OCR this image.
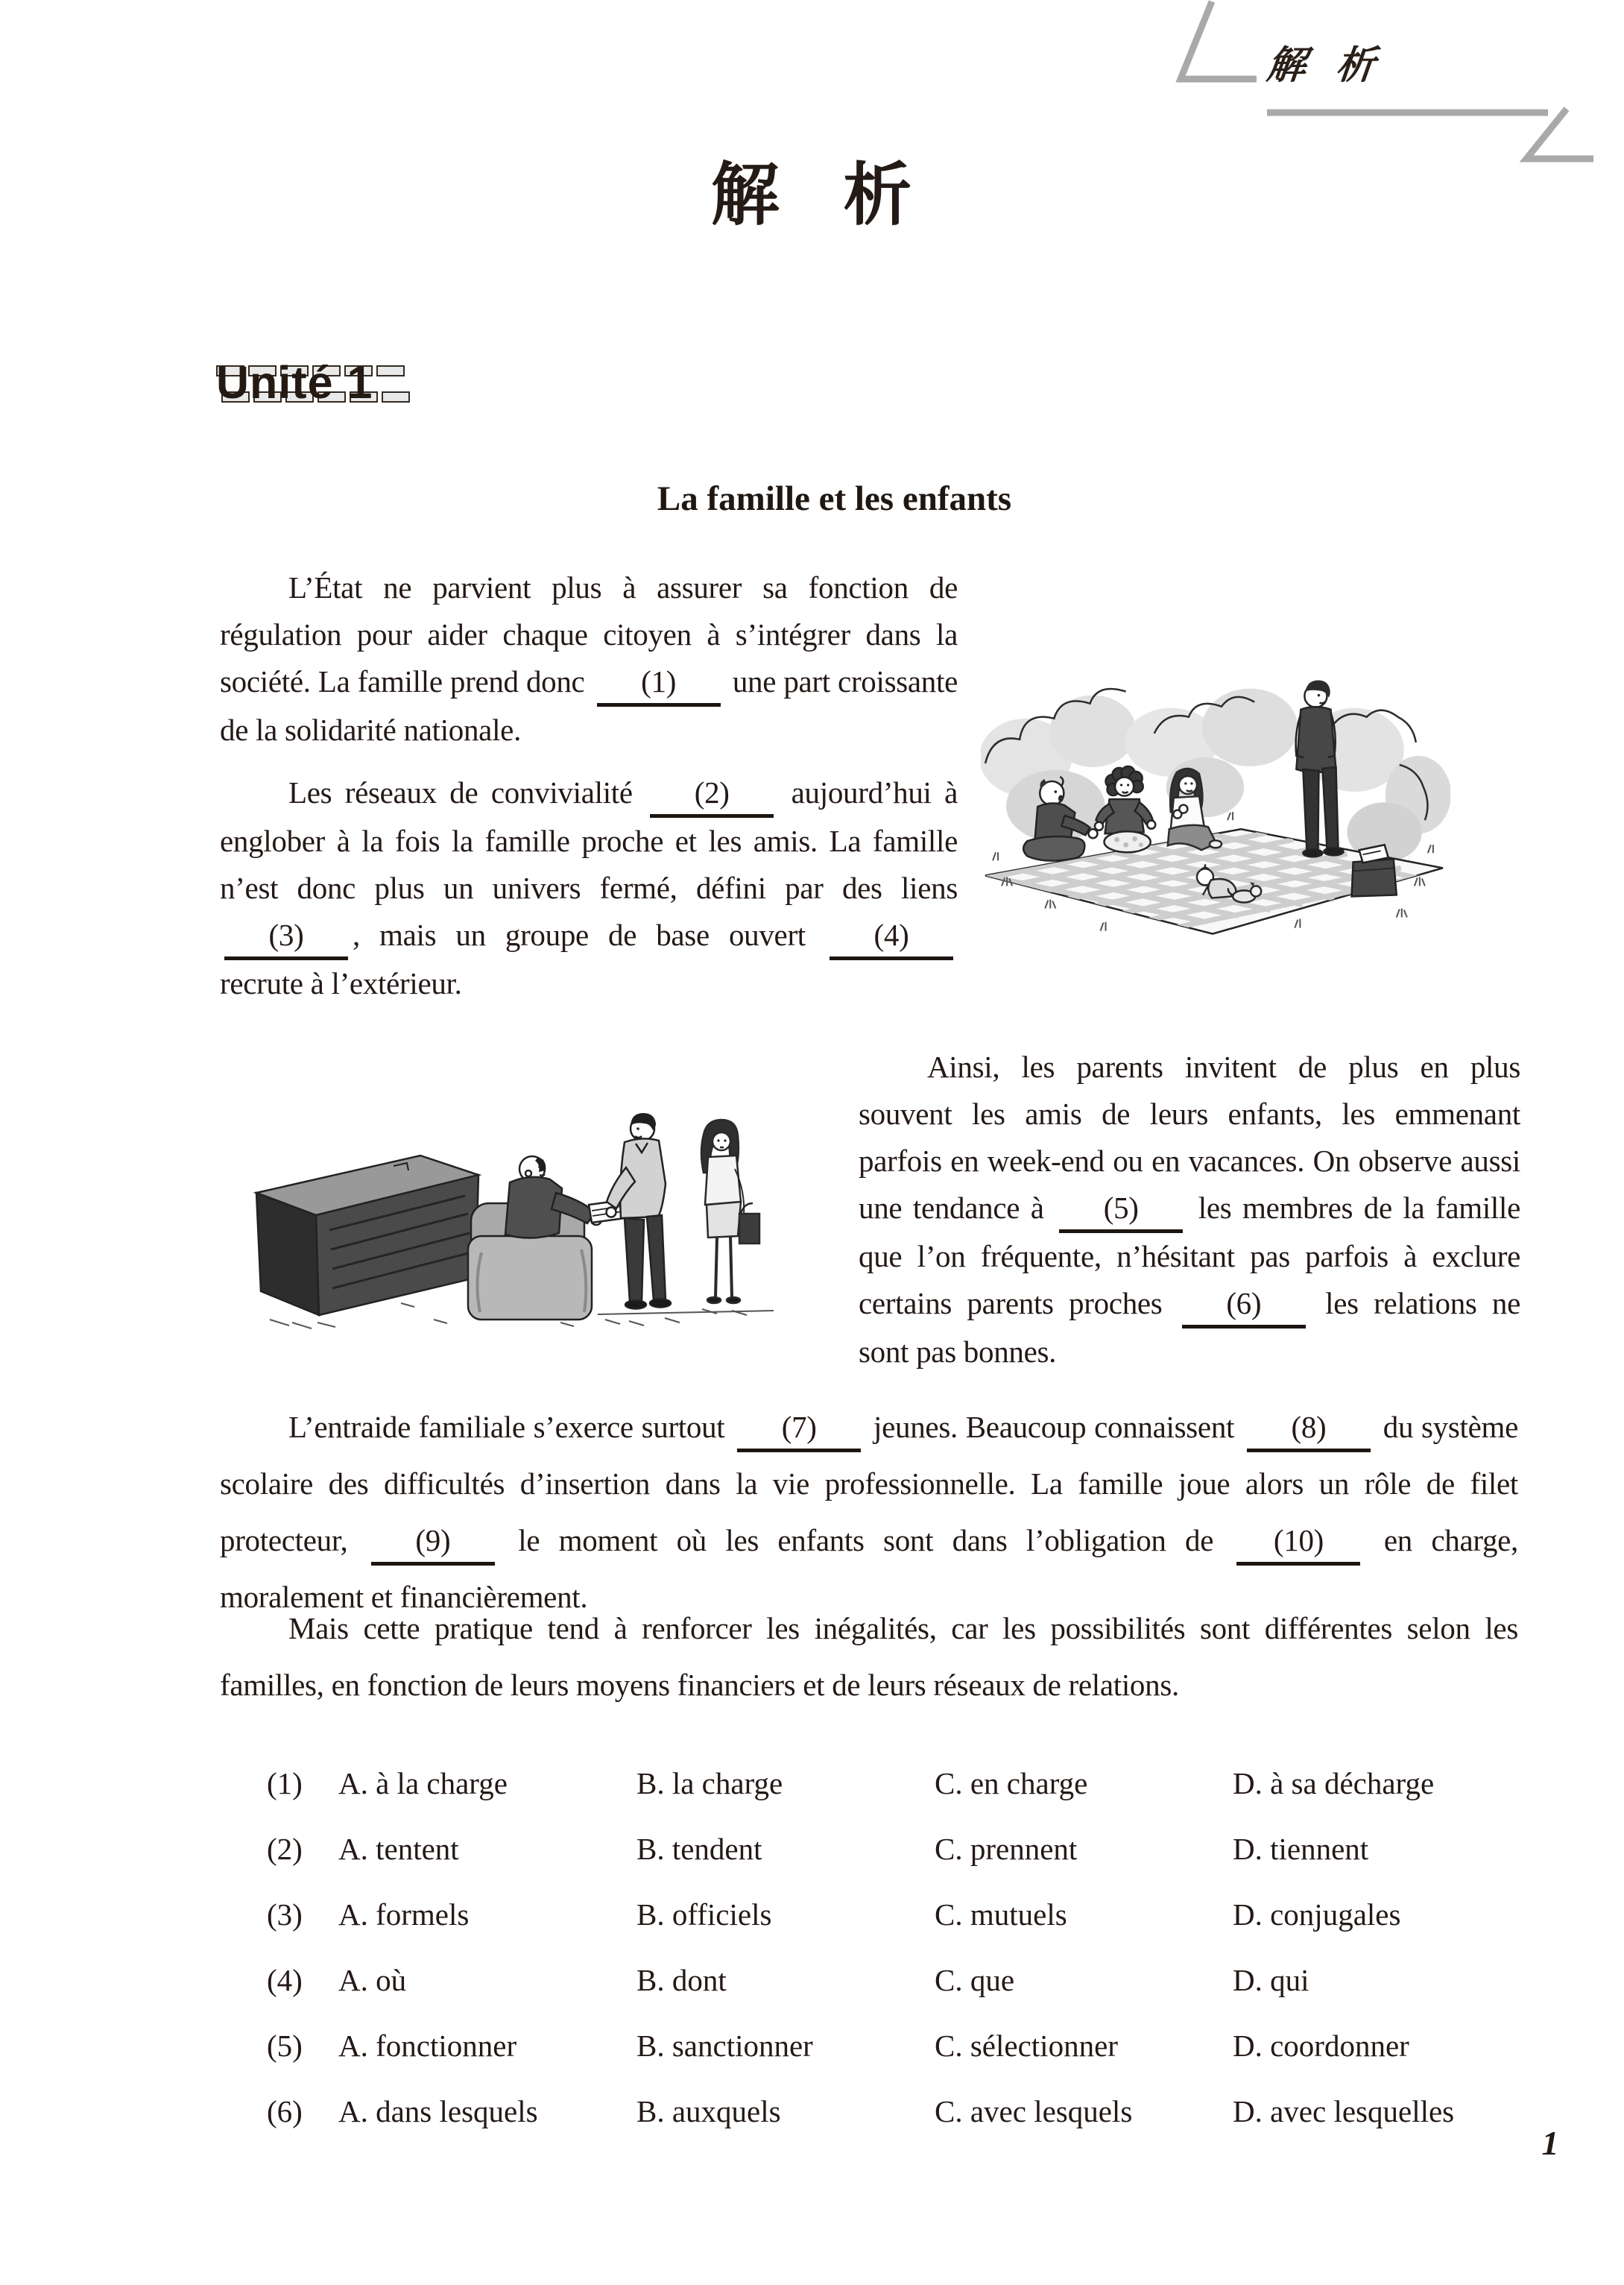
解 析
解 析
Unité 1
La famille et les enfants
L’État ne parvient plus à assurer sa fonction de régulation pour aider chaque citoyen à s’intégrer dans la société. La famille prend donc (1) une part croissante de la solidarité nationale.
Les réseaux de convivialité (2) aujourd’hui à englober à la fois la famille proche et les amis. La famille n’est donc plus un univers fermé, défini par des liens (3) , mais un groupe de base ouvert (4) recrute à l’extérieur.
Ainsi, les parents invitent de plus en plus souvent les amis de leurs enfants, les emmenant parfois en week-end ou en vacances. On observe aussi une tendance à (5) les membres de la famille que l’on fréquente, n’hésitant pas parfois à exclure certains parents proches (6) les relations ne sont pas bonnes.
L’entraide familiale s’exerce surtout (7) jeunes. Beaucoup connaissent (8) du système scolaire des difficultés d’insertion dans la vie professionnelle. La famille joue alors un rôle de filet protecteur, (9) le moment où les enfants sont dans l’obligation de (10) en charge, moralement et financièrement.
Mais cette pratique tend à renforcer les inégalités, car les possibilités sont différentes selon les familles, en fonction de leurs moyens financiers et de leurs réseaux de relations.
(1)	A. à la charge	B. la charge	C. en charge	D. à sa décharge
(2)	A. tentent	B. tendent	C. prennent	D. tiennent
(3)	A. formels	B. officiels	C. mutuels	D. conjugales
(4)	A. où	B. dont	C. que	D. qui
(5)	A. fonctionner	B. sanctionner	C. sélectionner	D. coordonner
(6)	A. dans lesquels	B. auxquels	C. avec lesquels	D. avec lesquelles
1
